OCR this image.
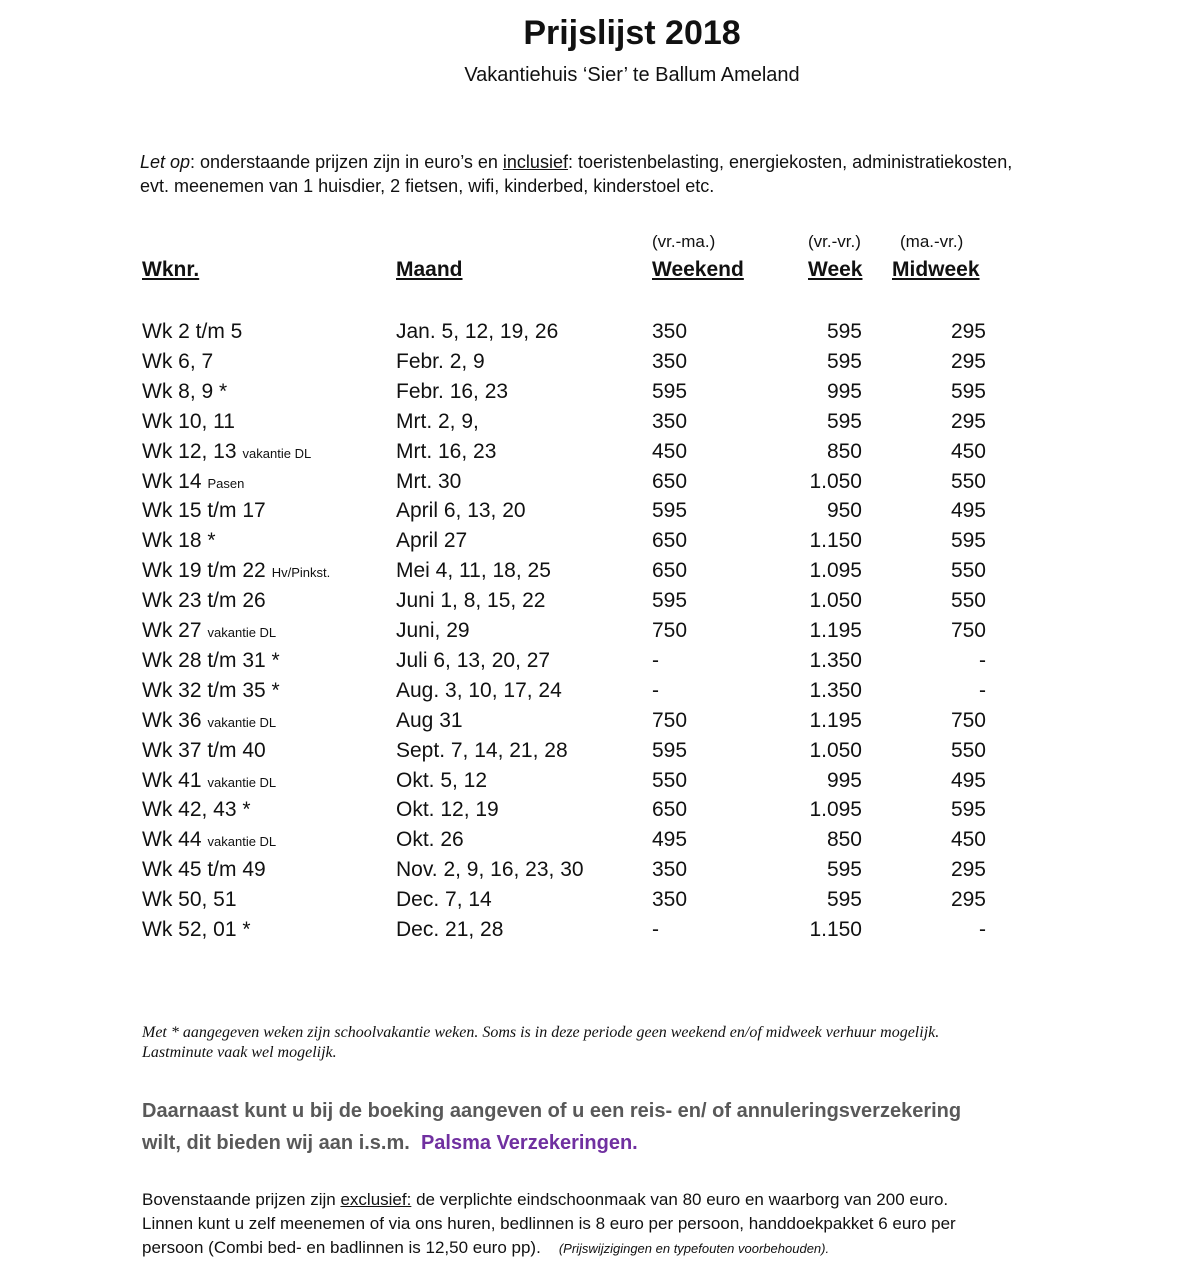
Prijslijst 2018
Vakantiehuis ‘Sier’ te Ballum Ameland
Let op: onderstaande prijzen zijn in euro’s en inclusief: toeristenbelasting, energiekosten, administratiekosten,
evt. meenemen van 1 huisdier, 2 fietsen, wifi, kinderbed, kinderstoel etc.
(vr.-ma.)	(vr.-vr.) (ma.-vr.)
Wknr.	Maand	Weekend	Week Midweek
Wk 2 t/m 5	Jan. 5, 12, 19, 26	350	595	295
Wk 6, 7	Febr. 2, 9	350	595	295
Wk 8, 9 *	Febr. 16, 23	595	995	595
Wk 10, 11	Mrt. 2, 9,	350	595	295
Wk 12, 13 vakantie DL	Mrt. 16, 23	450	850	450
Wk 14 Pasen	Mrt. 30	650	1.050	550
Wk 15 t/m 17	April 6, 13, 20	595	950	495
Wk 18 *	April 27	650	1.150	595
Wk 19 t/m 22 Hv/Pinkst.	Mei 4, 11, 18, 25	650	1.095	550
Wk 23 t/m 26	Juni 1, 8, 15, 22	595	1.050	550
Wk 27 vakantie DL	Juni, 29	750	1.195	750
Wk 28 t/m 31 *	Juli 6, 13, 20, 27	-	1.350	-
Wk 32 t/m 35 *	Aug. 3, 10, 17, 24	-	1.350	-
Wk 36 vakantie DL	Aug 31	750	1.195	750
Wk 37 t/m 40	Sept. 7, 14, 21, 28	595	1.050	550
Wk 41 vakantie DL	Okt. 5, 12	550	995	495
Wk 42, 43 *	Okt. 12, 19	650	1.095	595
Wk 44 vakantie DL	Okt. 26	495	850	450
Wk 45 t/m 49	Nov. 2, 9, 16, 23, 30	350	595	295
Wk 50, 51	Dec. 7, 14	350	595	295
Wk 52, 01 *	Dec. 21, 28	-	1.150	-
Met * aangegeven weken zijn schoolvakantie weken. Soms is in deze periode geen weekend en/of midweek verhuur mogelijk.
Lastminute vaak wel mogelijk.
Daarnaast kunt u bij de boeking aangeven of u een reis- en/ of annuleringsverzekering
wilt, dit bieden wij aan i.s.m. Palsma Verzekeringen.
Bovenstaande prijzen zijn exclusief: de verplichte eindschoonmaak van 80 euro en waarborg van 200 euro.
Linnen kunt u zelf meenemen of via ons huren, bedlinnen is 8 euro per persoon, handdoekpakket 6 euro per
persoon (Combi bed- en badlinnen is 12,50 euro pp). (Prijswijzigingen en typefouten voorbehouden).
